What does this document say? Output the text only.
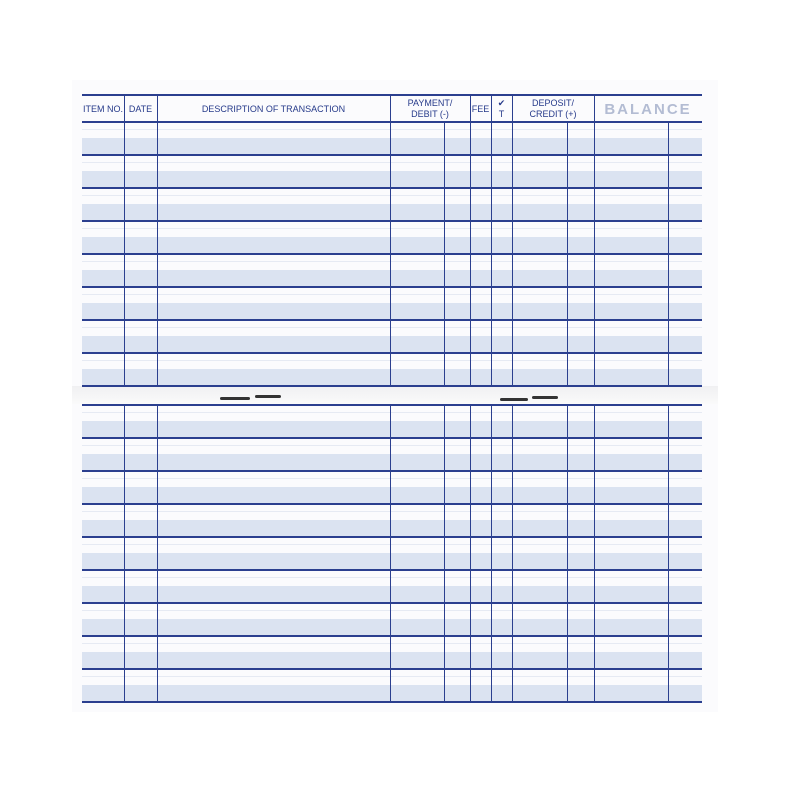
ITEM NO. DATE	DESCRIPTION OF TRANSACTION
PAYMENT/ DEBIT (-)
FEE
✔ T
DEPOSIT/ CREDIT (+)	BALANCE
